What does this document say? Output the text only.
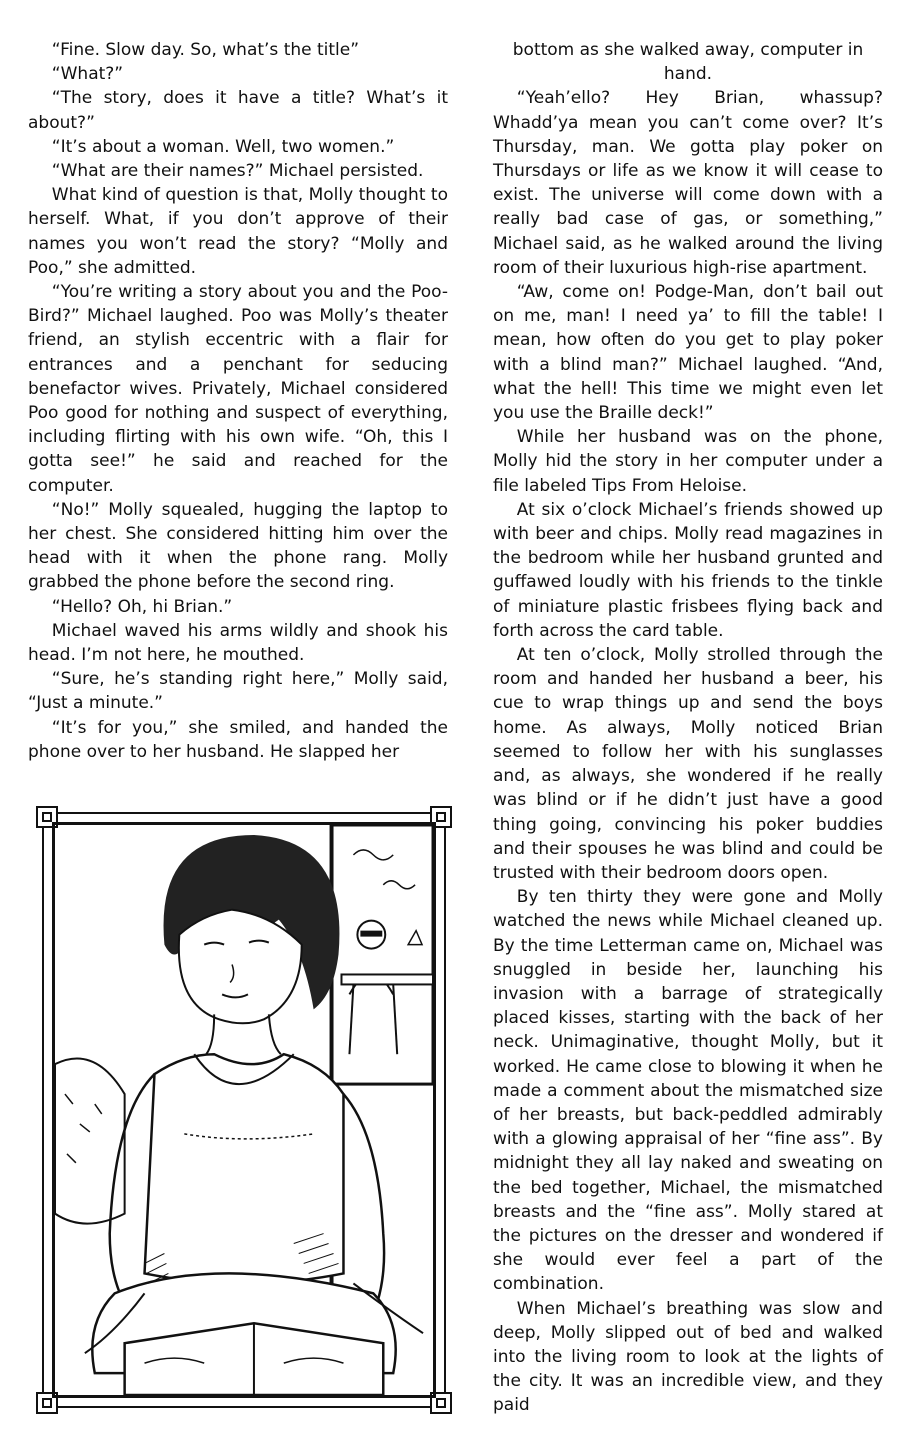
“Fine. Slow day. So, what’s the title”

“What?”

“The story, does it have a title? What’s it about?”

“It’s about a woman. Well, two women.”

“What are their names?” Michael persisted.

What kind of question is that, Molly thought to herself. What, if you don’t approve of their names you won’t read the story? “Molly and Poo,” she admitted.

“You’re writing a story about you and the Poo-Bird?” Michael laughed. Poo was Molly’s theater friend, an stylish eccentric with a flair for entrances and a penchant for seducing benefactor wives. Privately, Michael considered Poo good for nothing and suspect of everything, including flirting with his own wife. “Oh, this I gotta see!” he said and reached for the computer.

“No!” Molly squealed, hugging the laptop to her chest. She considered hitting him over the head with it when the phone rang. Molly grabbed the phone before the second ring.

“Hello? Oh, hi Brian.”

Michael waved his arms wildly and shook his head. I’m not here, he mouthed.

“Sure, he’s standing right here,” Molly said, “Just a minute.”

“It’s for you,” she smiled, and handed the phone over to her husband. He slapped her

bottom as she walked away, computer in hand.

“Yeah’ello? Hey Brian, whassup? Whadd’ya mean you can’t come over? It’s Thursday, man. We gotta play poker on Thursdays or life as we know it will cease to exist. The universe will come down with a really bad case of gas, or something,” Michael said, as he walked around the living room of their luxurious high-rise apartment.

“Aw, come on! Podge-Man, don’t bail out on me, man! I need ya’ to fill the table! I mean, how often do you get to play poker with a blind man?” Michael laughed. “And, what the hell! This time we might even let you use the Braille deck!”

While her husband was on the phone, Molly hid the story in her computer under a file labeled Tips From Heloise.

At six o’clock Michael’s friends showed up with beer and chips. Molly read magazines in the bedroom while her husband grunted and guffawed loudly with his friends to the tinkle of miniature plastic frisbees flying back and forth across the card table.

At ten o’clock, Molly strolled through the room and handed her husband a beer, his cue to wrap things up and send the boys home. As always, Molly noticed Brian seemed to follow her with his sunglasses and, as always, she wondered if he really was blind or if he didn’t just have a good thing going, convincing his poker buddies and their spouses he was blind and could be trusted with their bedroom doors open.

By ten thirty they were gone and Molly watched the news while Michael cleaned up. By the time Letterman came on, Michael was snuggled in beside her, launching his invasion with a barrage of strategically placed kisses, starting with the back of her neck. Unimaginative, thought Molly, but it worked. He came close to blowing it when he made a comment about the mismatched size of her breasts, but back-peddled admirably with a glowing appraisal of her “fine ass”. By midnight they all lay naked and sweating on the bed together, Michael, the mismatched breasts and the “fine ass”. Molly stared at the pictures on the dresser and wondered if she would ever feel a part of the combination.

When Michael’s breathing was slow and deep, Molly slipped out of bed and walked into the living room to look at the lights of the city. It was an incredible view, and they paid
